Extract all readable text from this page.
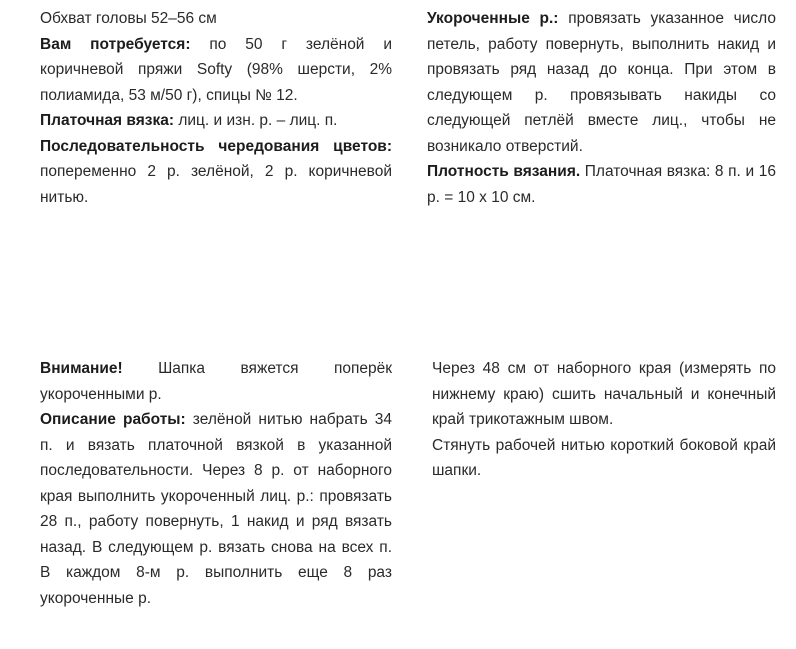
Обхват головы 52–56 см

Вам потребуется: по 50 г зелёной и коричневой пряжи Softy (98% шерсти, 2% полиамида, 53 м/50 г), спицы № 12.

Платочная вязка: лиц. и изн. р. – лиц. п.

Последовательность чередования цветов: попеременно 2 р. зелёной, 2 р. коричневой нитью.

Укороченные р.: провязать указанное число петель, работу повернуть, выполнить накид и провязать ряд назад до конца. При этом в следующем р. провязывать накиды со следующей петлёй вместе лиц., чтобы не возникало отверстий.

Плотность вязания. Платочная вязка: 8 п. и 16 р. = 10 х 10 см.

Внимание! Шапка вяжется поперёк укороченными р.

Описание работы: зелёной нитью набрать 34 п. и вязать платочной вязкой в указанной последовательности. Через 8 р. от наборного края выполнить укороченный лиц. р.: провязать 28 п., работу повернуть, 1 накид и ряд вязать назад. В следующем р. вязать снова на всех п. В каждом 8-м р. выполнить еще 8 раз укороченные р.

Через 48 см от наборного края (измерять по нижнему краю) сшить начальный и конечный край трикотажным швом.

Стянуть рабочей нитью короткий боковой край шапки.
